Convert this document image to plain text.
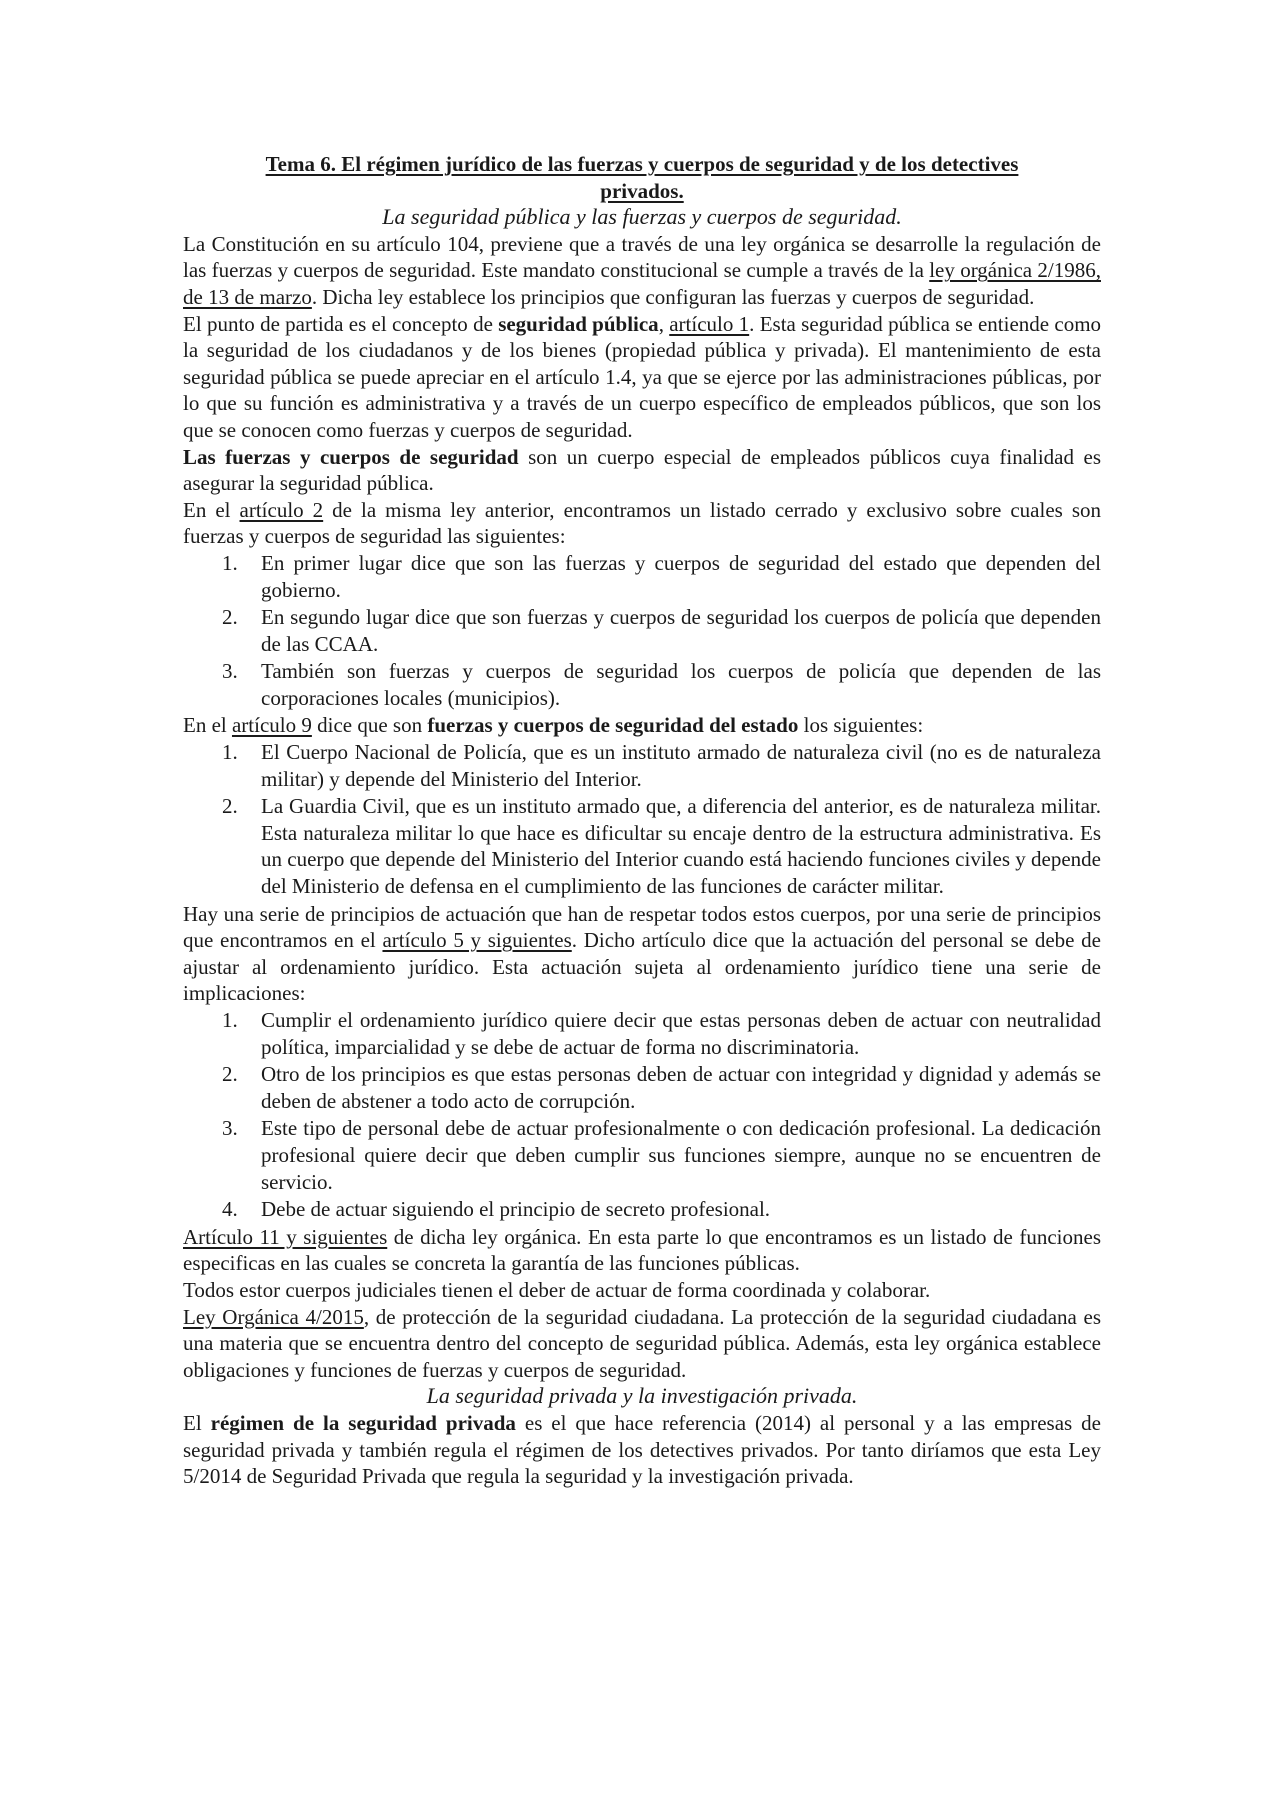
Tema 6. El régimen jurídico de las fuerzas y cuerpos de seguridad y de los detectives privados.

La seguridad pública y las fuerzas y cuerpos de seguridad.

La Constitución en su artículo 104, previene que a través de una ley orgánica se desarrolle la regulación de las fuerzas y cuerpos de seguridad. Este mandato constitucional se cumple a través de la ley orgánica 2/1986, de 13 de marzo. Dicha ley establece los principios que configuran las fuerzas y cuerpos de seguridad.

El punto de partida es el concepto de seguridad pública, artículo 1. Esta seguridad pública se entiende como la seguridad de los ciudadanos y de los bienes (propiedad pública y privada). El mantenimiento de esta seguridad pública se puede apreciar en el artículo 1.4, ya que se ejerce por las administraciones públicas, por lo que su función es administrativa y a través de un cuerpo específico de empleados públicos, que son los que se conocen como fuerzas y cuerpos de seguridad.

Las fuerzas y cuerpos de seguridad son un cuerpo especial de empleados públicos cuya finalidad es asegurar la seguridad pública.

En el artículo 2 de la misma ley anterior, encontramos un listado cerrado y exclusivo sobre cuales son fuerzas y cuerpos de seguridad las siguientes:

1.	En primer lugar dice que son las fuerzas y cuerpos de seguridad del estado que dependen del gobierno.
2.	En segundo lugar dice que son fuerzas y cuerpos de seguridad los cuerpos de policía que dependen de las CCAA.
3.	También son fuerzas y cuerpos de seguridad los cuerpos de policía que dependen de las corporaciones locales (municipios).

En el artículo 9 dice que son fuerzas y cuerpos de seguridad del estado los siguientes:

1.	El Cuerpo Nacional de Policía, que es un instituto armado de naturaleza civil (no es de naturaleza militar) y depende del Ministerio del Interior.
2.	La Guardia Civil, que es un instituto armado que, a diferencia del anterior, es de naturaleza militar. Esta naturaleza militar lo que hace es dificultar su encaje dentro de la estructura administrativa. Es un cuerpo que depende del Ministerio del Interior cuando está haciendo funciones civiles y depende del Ministerio de defensa en el cumplimiento de las funciones de carácter militar.

Hay una serie de principios de actuación que han de respetar todos estos cuerpos, por una serie de principios que encontramos en el artículo 5 y siguientes. Dicho artículo dice que la actuación del personal se debe de ajustar al ordenamiento jurídico. Esta actuación sujeta al ordenamiento jurídico tiene una serie de implicaciones:

1.	Cumplir el ordenamiento jurídico quiere decir que estas personas deben de actuar con neutralidad política, imparcialidad y se debe de actuar de forma no discriminatoria.
2.	Otro de los principios es que estas personas deben de actuar con integridad y dignidad y además se deben de abstener a todo acto de corrupción.
3.	Este tipo de personal debe de actuar profesionalmente o con dedicación profesional. La dedicación profesional quiere decir que deben cumplir sus funciones siempre, aunque no se encuentren de servicio.
4.	Debe de actuar siguiendo el principio de secreto profesional.

Artículo 11 y siguientes de dicha ley orgánica. En esta parte lo que encontramos es un listado de funciones especificas en las cuales se concreta la garantía de las funciones públicas.

Todos estor cuerpos judiciales tienen el deber de actuar de forma coordinada y colaborar.

Ley Orgánica 4/2015, de protección de la seguridad ciudadana. La protección de la seguridad ciudadana es una materia que se encuentra dentro del concepto de seguridad pública. Además, esta ley orgánica establece obligaciones y funciones de fuerzas y cuerpos de seguridad.

La seguridad privada y la investigación privada.

El régimen de la seguridad privada es el que hace referencia (2014) al personal y a las empresas de seguridad privada y también regula el régimen de los detectives privados. Por tanto diríamos que esta Ley 5/2014 de Seguridad Privada que regula la seguridad y la investigación privada.
